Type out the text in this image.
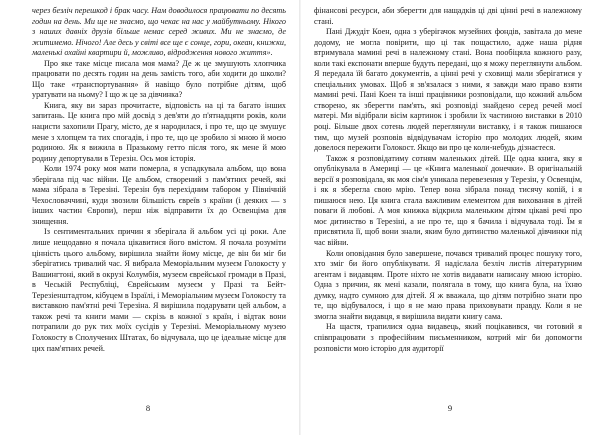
через безліч перешкод і брак часу. Нам доводилося працювати по десять годин на день. Ми ще не знаємо, що чекає на нас у майбутньому. Нікого з наших давніх друзів більше немає серед живих. Ми не знаємо, де житимемо. Нічого! Але десь у світі все ще є сонце, гори, океан, книжки, маленькі охайні квартири й, можливо, відродження нового життя».

Про яке таке місце писала моя мама? Де ж це змушують хлопчика працювати по десять годин на день замість того, аби ходити до школи? Що таке «транспортування» й навіщо було потрібне дітям, щоб уратувати на ньому? І що ж це за дівчинка?

Книга, яку ви зараз прочитаєте, відповість на ці та багато інших запитань. Це книга про мій досвід з дев'яти до п'ятнадцяти років, коли нацисти захопили Прагу, місто, де я народилася, і про те, що це змушує мене з хлопцем та тих спогадів, і про те, що це зробило зі мною й моєю родиною. Як я вижила в Празькому гетто після того, як мене й мою родину депортували в Терезін. Ось моя історія.

Коли 1974 року моя мати померла, я успадкувала альбом, що вона зберігала під час війни. Це альбом, створений з пам'ятних речей, які мама зібрала в Терезіні. Терезін був перехідним табором у Північній Чехословаччині, куди звозили більшість євреїв з країни (і деяких — з інших частин Європи), перш ніж відправити їх до Освенціма для знищення.

Із сентиментальних причин я зберігала й альбом усі ці роки. Але лише нещодавно я почала цікавитися його вмістом. Я почала розуміти цінність цього альбому, вирішила знайти йому місце, де він би міг би зберігатись тривалий час. Я вибрала Меморіальним музеєм Голокосту у Вашингтоні, який в окрузі Колумбія, музеєм єврейської громади в Празі, в Чеській Республіці, Єврейським музеєм у Празі та Бейт-Терезіенштадтом, кібуцем в Ізраїлі, і Меморіальним музеєм Голокосту та виставкою пам'ятні речі Терезіна. Я вирішила подарувати цей альбом, а також речі та книги мами — скрізь в кожної з країн, і відтак вони потрапили до рук тих моїх сусідів у Терезіні. Меморіальному музею Голокосту в Сполучених Штатах, бо відчувала, що це ідеальне місце для цих пам'ятних речей.

8

фінансові ресурси, аби зберегти для нащадків ці дві цінні речі в належному стані.

Пані Джудіт Коен, одна з уберігачок музейних фондів, завітала до мене додому, не могла повірити, що ці так пощастило, адже наша рідня втримувала мамині речі в належному стані. Вона пообіцяла кожного разу, коли такі експонати вперше будуть передані, що я можу переглянути альбом. Я передала їй багато документів, а цінні речі у сховищі мали зберігатися у спеціальних умовах. Щоб я зв'язалася з ними, я завжди маю право взяти мамині речі. Пані Коен та інші працівники розповідали, що кожний альбом створено, як зберегти пам'ять, які розповіді знайдено серед речей моєї матері. Ми відібрали вісім картинок і зробили їх частиною виставки в 2010 році. Більше двох сотень людей переглянули виставку, і я також пишаюся тим, що музей розповів відвідувачам історію про молодих людей, яким довелося пережити Голокост. Якщо ви про це коли-небудь дізнаєтеся.

Також я розповідатиму сотням маленьких дітей. Ще одна книга, яку я опублікувала в Америці — це «Книга маленької донечки». В оригінальній версії я розповідала, як моя сім'я уникала перевезення у Терезін, у Освенцім, і як я зберегла свою мрію. Тепер вона зібрала понад тисячу копій, і я пишаюся нею. Ця книга стала важливим елементом для виховання в дітей поваги й любові. А моя книжка відкрила маленьким дітям цікаві речі про моє дитинство в Терезіні, а не про те, що я бачила і відчувала тоді. Їм я присвятила її, щоб вони знали, яким було дитинство маленької дівчинки під час війни.

Коли оповідання було завершене, почався тривалий процес пошуку того, хто зміг би його опублікувати. Я надіслала безліч листів літературним агентам і видавцям. Проте ніхто не хотів видавати написану мною історію. Одна з причин, як мені казали, полягала в тому, що книга була, на їхню думку, надто сумною для дітей. Я ж вважала, що дітям потрібно знати про те, що відбувалося, і що я не маю права приховувати правду. Коли я не змогла знайти видавця, я вирішила видати книгу сама.

На щастя, трапилися одна видавець, який поцікавився, чи готовий я співпрацювати з професійним письменником, котрий міг би допомогти розповісти мою історію для аудиторії

9
